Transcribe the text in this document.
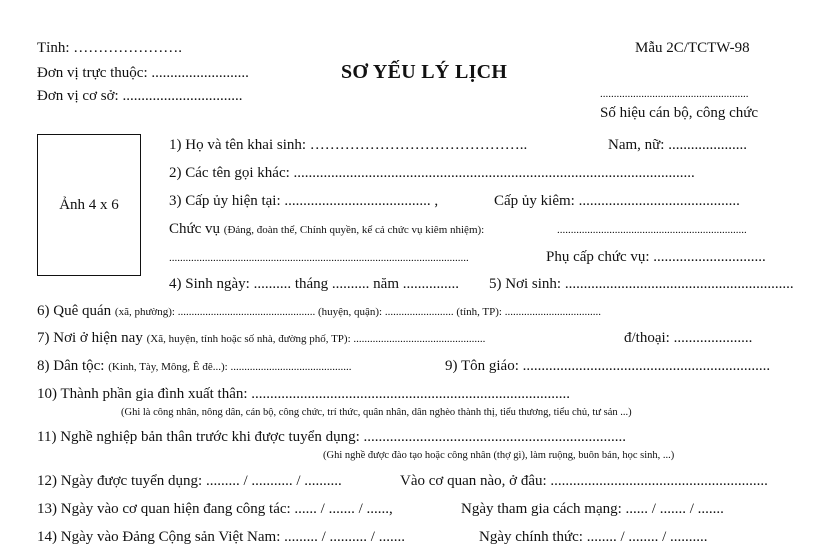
Tỉnh: ………………….
Đơn vị trực thuộc: ..........................
Đơn vị cơ sở: ................................
Mẫu 2C/TCTW-98
SƠ YẾU LÝ LỊCH
......................................................
Số hiệu cán bộ, công chức
Ảnh 4 x 6
1) Họ và tên khai sinh: ……………………………………..	Nam, nữ: .....................
2) Các tên gọi khác: ...........................................................................................................
3) Cấp ủy hiện tại: ....................................... ,	Cấp ủy kiêm: ...........................................
Chức vụ (Đảng, đoàn thể, Chính quyền, kể cả chức vụ kiêm nhiệm):	.....................................................................
.............................................................................................................	Phụ cấp chức vụ: ..............................
4) Sinh ngày: .......... tháng .......... năm ............... 5) Nơi sinh: .............................................................
6) Quê quán (xã, phường): .................................................. (huyện, quận): ......................... (tỉnh, TP): ...................................
7) Nơi ở hiện nay (Xã, huyện, tỉnh hoặc số nhà, đường phố, TP): ................................................	đ/thoại: .....................
8) Dân tộc: (Kinh, Tày, Mông, Ê đê...): ............................................	9) Tôn giáo: ..................................................................
10) Thành phần gia đình xuất thân: .....................................................................................
(Ghi là công nhân, nông dân, cán bộ, công chức, trí thức, quân nhân, dân nghèo thành thị, tiểu thương, tiểu chủ, tư sản ...)
11) Nghề nghiệp bản thân trước khi được tuyển dụng: ......................................................................
(Ghi nghề được đào tạo hoặc công nhân (thợ gì), làm ruộng, buôn bán, học sinh, ...)
12) Ngày được tuyển dụng: ......... / ........... / ..........	Vào cơ quan nào, ở đâu: ..........................................................
13) Ngày vào cơ quan hiện đang công tác: ...... / ....... / ......,	Ngày tham gia cách mạng: ...... / ....... / .......
14) Ngày vào Đảng Cộng sản Việt Nam: ......... / .......... / .......	Ngày chính thức: ........ / ........ / ..........
